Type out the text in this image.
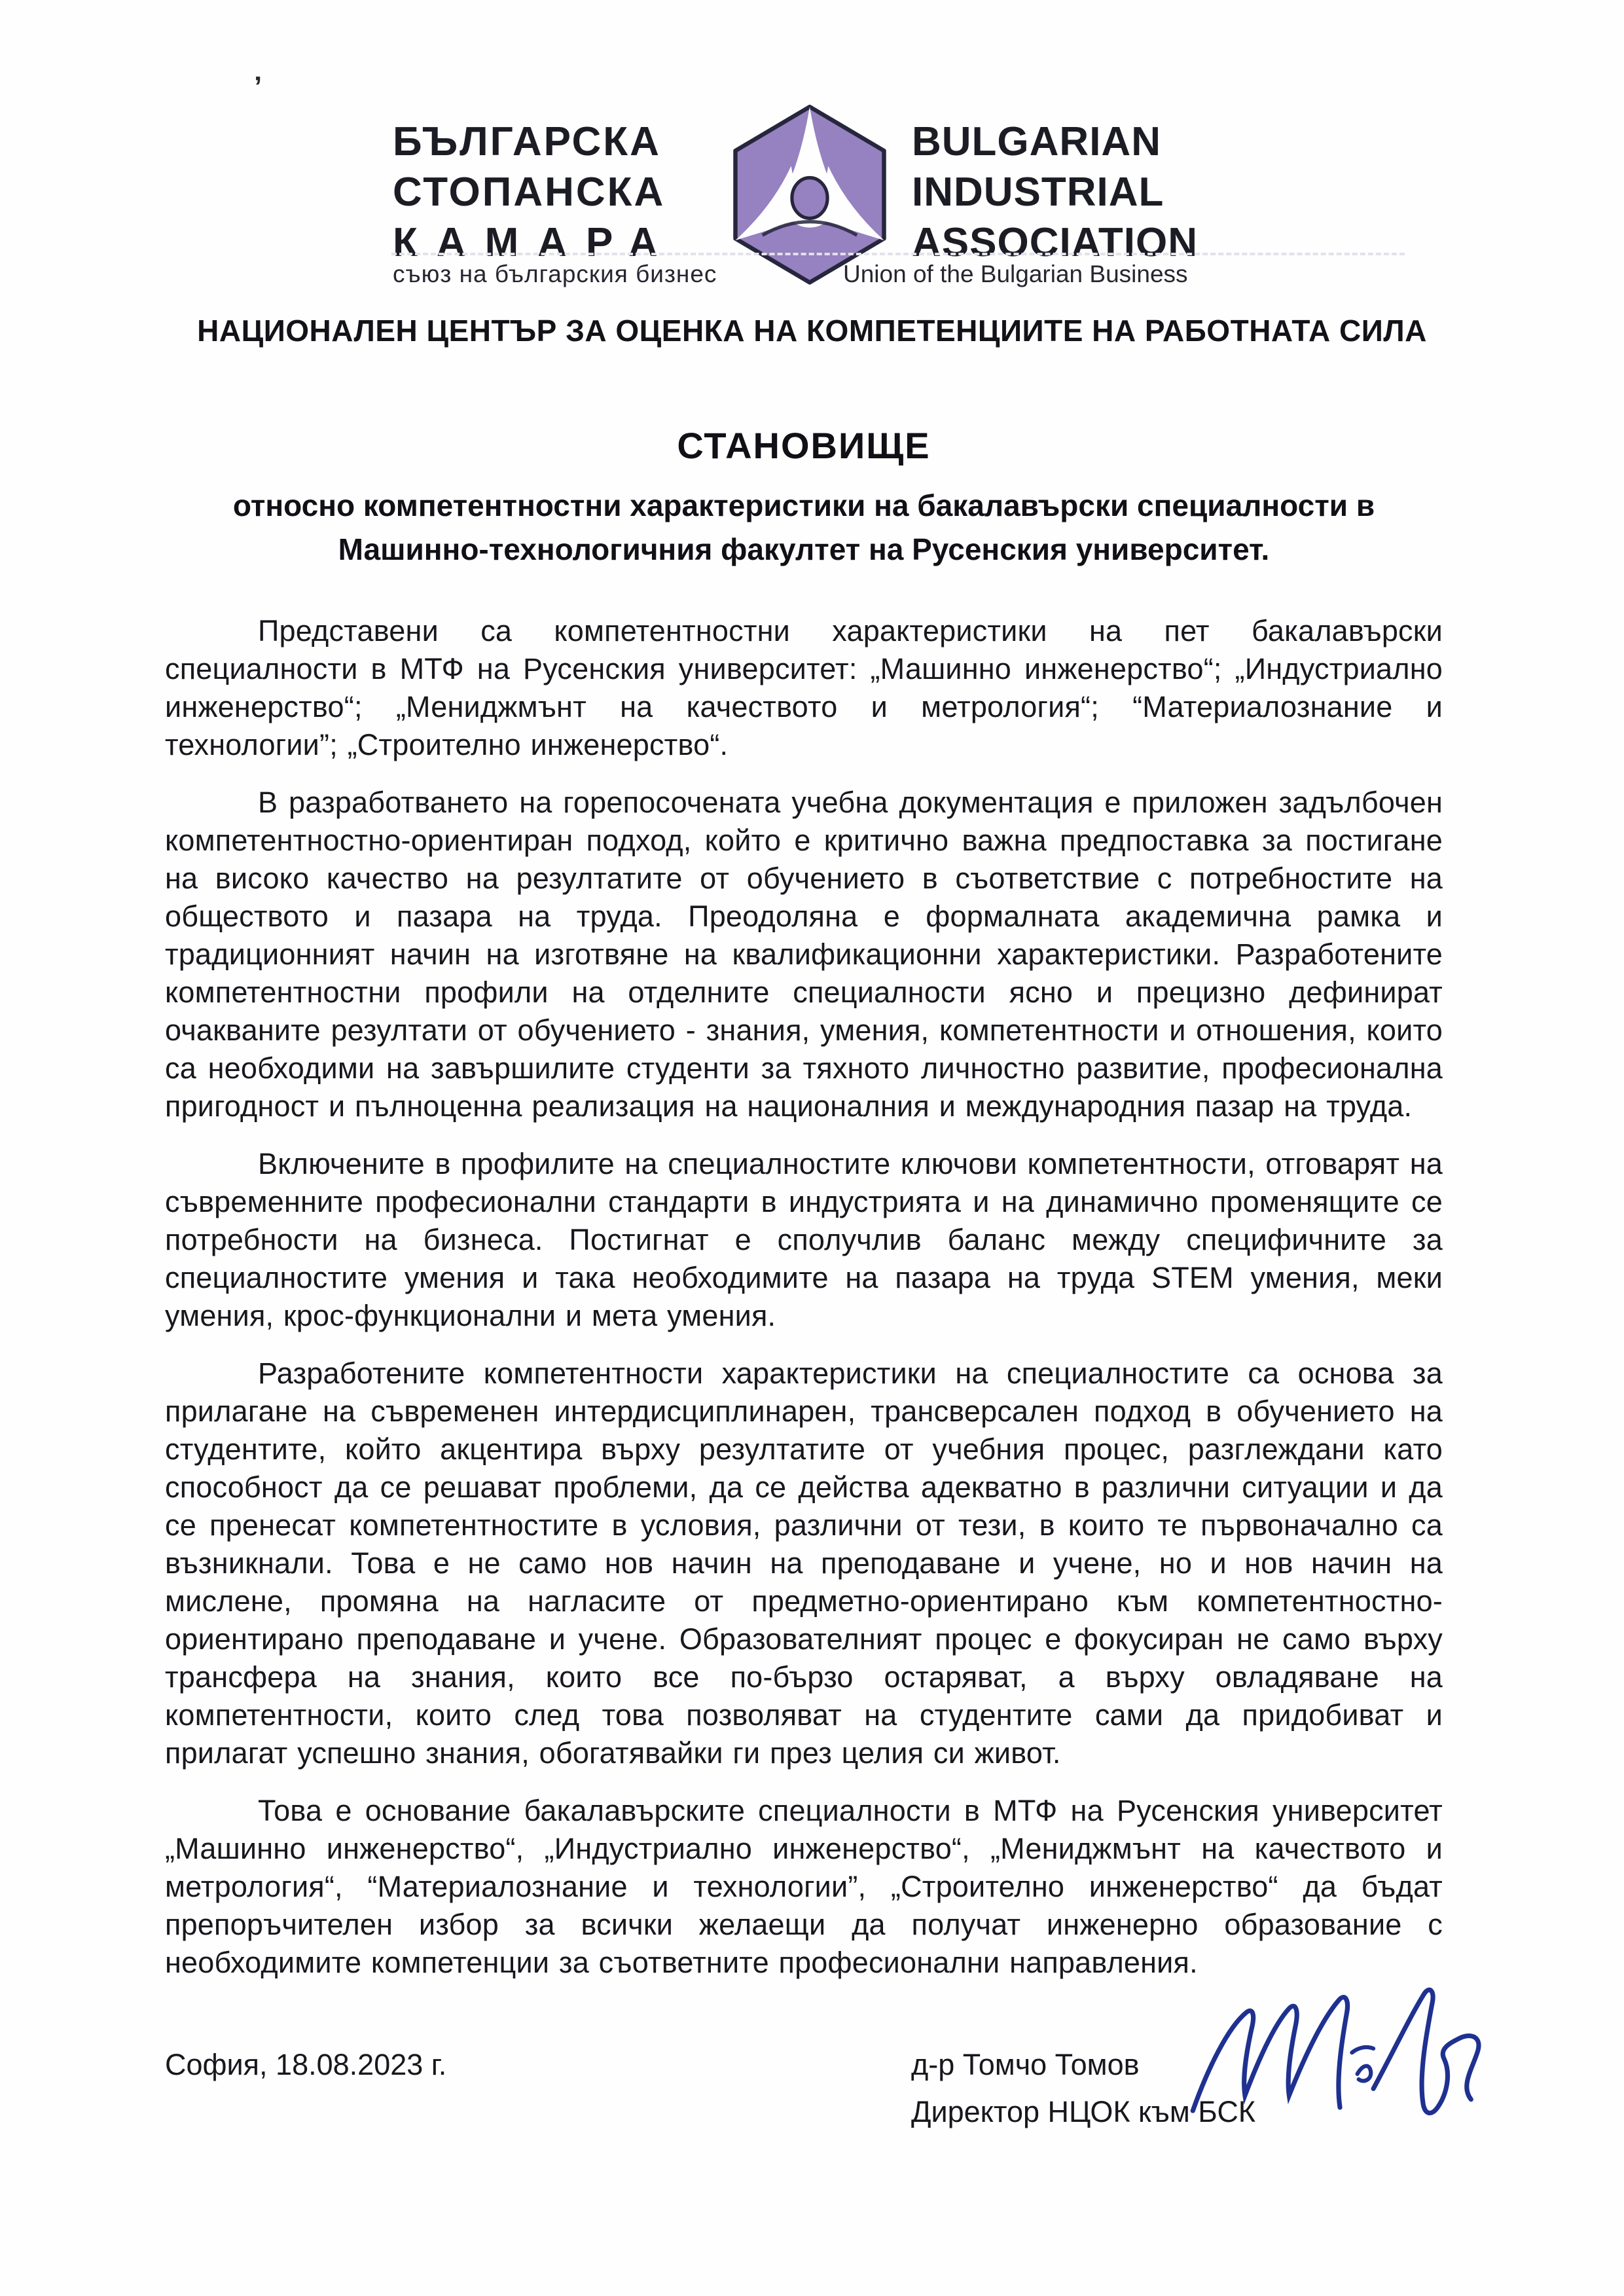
’
БЪЛГАРСКА
СТОПАНСКА
КАМАРА
BULGARIAN
INDUSTRIAL
ASSOCIATION
съюз на българския бизнес	Union of the Bulgarian Business
НАЦИОНАЛЕН ЦЕНТЪР ЗА ОЦЕНКА НА КОМПЕТЕНЦИИТЕ НА РАБОТНАТА СИЛА
СТАНОВИЩЕ
относно компетентностни характеристики на бакалавърски специалности в Машинно-технологичния факултет на Русенския университет.

Представени са компетентностни характеристики на пет бакалавърски специалности в МТФ на Русенския университет: „Машинно инженерство“; „Индустриално инженерство“; „Мениджмънт на качеството и метрология“; “Материалознание и технологии”; „Строително инженерство“.

В разработването на горепосочената учебна документация е приложен задълбочен компетентностно-ориентиран подход, който е критично важна предпоставка за постигане на високо качество на резултатите от обучението в съответствие с потребностите на обществото и пазара на труда. Преодоляна е формалната академична рамка и традиционният начин на изготвяне на квалификационни характеристики. Разработените компетентностни профили на отделните специалности ясно и прецизно дефинират очакваните резултати от обучението - знания, умения, компетентности и отношения, които са необходими на завършилите студенти за тяхното личностно развитие, професионална пригодност и пълноценна реализация на националния и международния пазар на труда.

Включените в профилите на специалностите ключови компетентности, отговарят на съвременните професионални стандарти в индустрията и на динамично променящите се потребности на бизнеса. Постигнат е сполучлив баланс между специфичните за специалностите умения и така необходимите на пазара на труда STEM умения, меки умения, крос-функционални и мета умения.

Разработените компетентности характеристики на специалностите са основа за прилагане на съвременен интердисциплинарен, трансверсален подход в обучението на студентите, който акцентира върху резултатите от учебния процес, разглеждани като способност да се решават проблеми, да се действа адекватно в различни ситуации и да се пренесат компетентностите в условия, различни от тези, в които те първоначално са възникнали. Това е не само нов начин на преподаване и учене, но и нов начин на мислене, промяна на нагласите от предметно-ориентирано към компетентностно-ориентирано преподаване и учене. Образователният процес е фокусиран не само върху трансфера на знания, които все по-бързо остаряват, а върху овладяване на компетентности, които след това позволяват на студентите сами да придобиват и прилагат успешно знания, обогатявайки ги през целия си живот.

Това е основание бакалавърските специалности в МТФ на Русенския университет „Машинно инженерство“, „Индустриално инженерство“, „Мениджмънт на качеството и метрология“, “Материалознание и технологии”, „Строително инженерство“ да бъдат препоръчителен избор за всички желаещи да получат инженерно образование с необходимите компетенции за съответните професионални направления.

София, 18.08.2023 г.	д-р Томчо Томов
Директор НЦОК към БСК
